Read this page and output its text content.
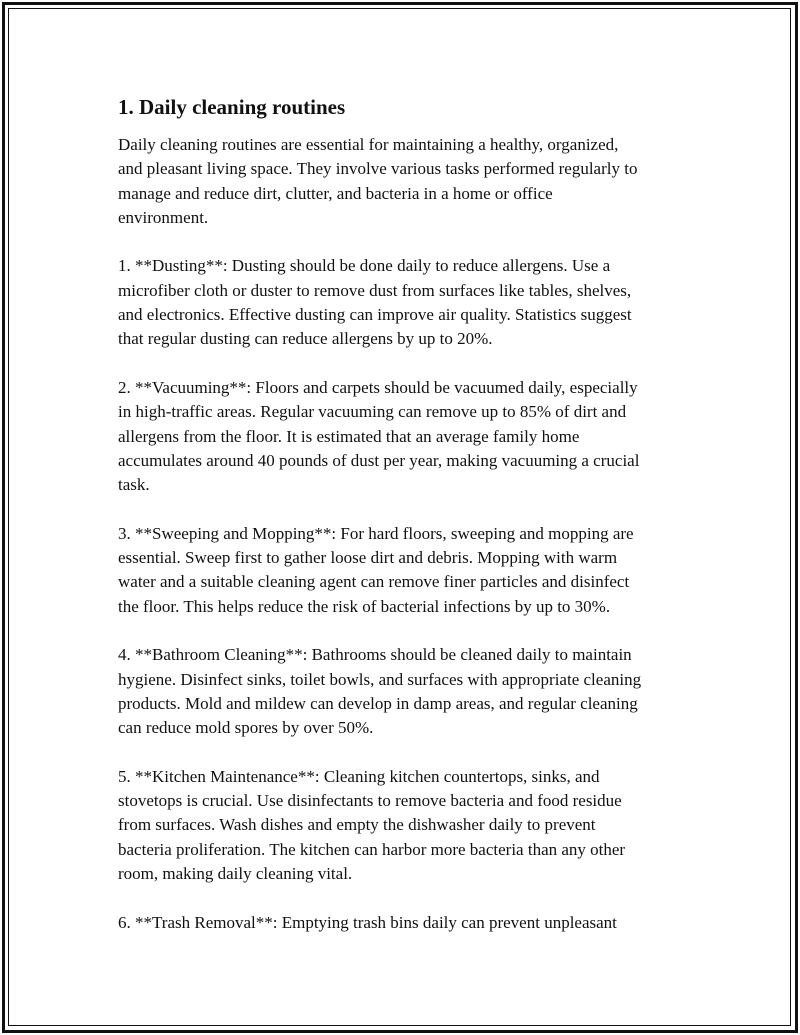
1. Daily cleaning routines

Daily cleaning routines are essential for maintaining a healthy, organized,
and pleasant living space. They involve various tasks performed regularly to
manage and reduce dirt, clutter, and bacteria in a home or office
environment.

1. **Dusting**: Dusting should be done daily to reduce allergens. Use a
microfiber cloth or duster to remove dust from surfaces like tables, shelves,
and electronics. Effective dusting can improve air quality. Statistics suggest
that regular dusting can reduce allergens by up to 20%.

2. **Vacuuming**: Floors and carpets should be vacuumed daily, especially
in high-traffic areas. Regular vacuuming can remove up to 85% of dirt and
allergens from the floor. It is estimated that an average family home
accumulates around 40 pounds of dust per year, making vacuuming a crucial
task.

3. **Sweeping and Mopping**: For hard floors, sweeping and mopping are
essential. Sweep first to gather loose dirt and debris. Mopping with warm
water and a suitable cleaning agent can remove finer particles and disinfect
the floor. This helps reduce the risk of bacterial infections by up to 30%.

4. **Bathroom Cleaning**: Bathrooms should be cleaned daily to maintain
hygiene. Disinfect sinks, toilet bowls, and surfaces with appropriate cleaning
products. Mold and mildew can develop in damp areas, and regular cleaning
can reduce mold spores by over 50%.

5. **Kitchen Maintenance**: Cleaning kitchen countertops, sinks, and
stovetops is crucial. Use disinfectants to remove bacteria and food residue
from surfaces. Wash dishes and empty the dishwasher daily to prevent
bacteria proliferation. The kitchen can harbor more bacteria than any other
room, making daily cleaning vital.

6. **Trash Removal**: Emptying trash bins daily can prevent unpleasant
